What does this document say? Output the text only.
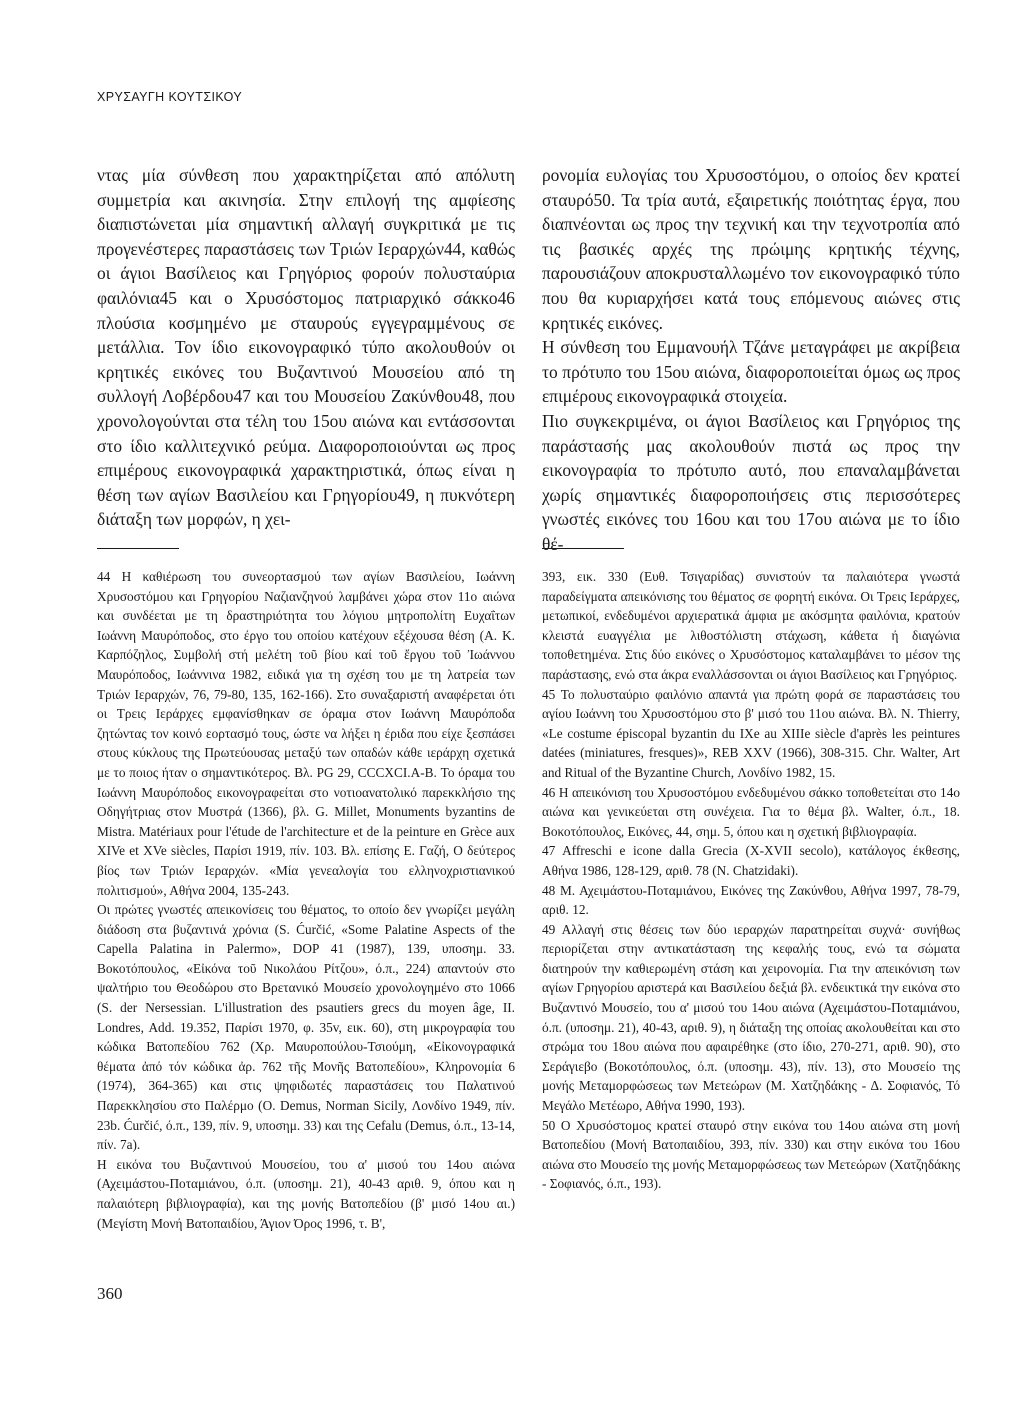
ΧΡΥΣΑΥΓΗ ΚΟΥΤΣΙΚΟΥ

ντας μία σύνθεση που χαρακτηρίζεται από απόλυτη συμμετρία και ακινησία. Στην επιλογή της αμφίεσης διαπιστώνεται μία σημαντική αλλαγή συγκριτικά με τις προγενέστερες παραστάσεις των Τριών Ιεραρχών44, καθώς οι άγιοι Βασίλειος και Γρηγόριος φορούν πολυσταύρια φαιλόνια45 και ο Χρυσόστομος πατριαρχικό σάκκο46 πλούσια κοσμημένο με σταυρούς εγγεγραμμένους σε μετάλλια. Τον ίδιο εικονογραφικό τύπο ακολουθούν οι κρητικές εικόνες του Βυζαντινού Μουσείου από τη συλλογή Λοβέρδου47 και του Μουσείου Ζακύνθου48, που χρονολογούνται στα τέλη του 15ου αιώνα και εντάσσονται στο ίδιο καλλιτεχνικό ρεύμα. Διαφοροποιούνται ως προς επιμέρους εικονογραφικά χαρακτηριστικά, όπως είναι η θέση των αγίων Βασιλείου και Γρηγορίου49, η πυκνότερη διάταξη των μορφών, η χει-

ρονομία ευλογίας του Χρυσοστόμου, ο οποίος δεν κρατεί σταυρό50. Τα τρία αυτά, εξαιρετικής ποιότητας έργα, που διαπνέονται ως προς την τεχνική και την τεχνοτροπία από τις βασικές αρχές της πρώιμης κρητικής τέχνης, παρουσιάζουν αποκρυσταλλωμένο τον εικονογραφικό τύπο που θα κυριαρχήσει κατά τους επόμενους αιώνες στις κρητικές εικόνες.

Η σύνθεση του Εμμανουήλ Τζάνε μεταγράφει με ακρίβεια το πρότυπο του 15ου αιώνα, διαφοροποιείται όμως ως προς επιμέρους εικονογραφικά στοιχεία.

Πιο συγκεκριμένα, οι άγιοι Βασίλειος και Γρηγόριος της παράστασής μας ακολουθούν πιστά ως προς την εικονογραφία το πρότυπο αυτό, που επαναλαμβάνεται χωρίς σημαντικές διαφοροποιήσεις στις περισσότερες γνωστές εικόνες του 16ου και του 17ου αιώνα με το ίδιο θέ-

44 Η καθιέρωση του συνεορτασμού των αγίων Βασιλείου, Ιωάννη Χρυσοστόμου και Γρηγορίου Ναζιανζηνού λαμβάνει χώρα στον 11ο αιώνα και συνδέεται με τη δραστηριότητα του λόγιου μητροπολίτη Ευχαΐτων Ιωάννη Μαυρόποδος, στο έργο του οποίου κατέχουν εξέχουσα θέση (Α. Κ. Καρπόζηλος, Συμβολή στή μελέτη τοῦ βίου καί τοῦ ἔργου τοῦ Ἰωάννου Μαυρόποδος, Ιωάννινα 1982, ειδικά για τη σχέση του με τη λατρεία των Τριών Ιεραρχών, 76, 79-80, 135, 162-166). Στο συναξαριστή αναφέρεται ότι οι Τρεις Ιεράρχες εμφανίσθηκαν σε όραμα στον Ιωάννη Μαυρόποδα ζητώντας τον κοινό εορτασμό τους, ώστε να λήξει η έριδα που είχε ξεσπάσει στους κύκλους της Πρωτεύουσας μεταξύ των οπαδών κάθε ιεράρχη σχετικά με το ποιος ήταν ο σημαντικότερος. Βλ. PG 29, CCCXCI.A-B. Το όραμα του Ιωάννη Μαυρόποδος εικονογραφείται στο νοτιοανατολικό παρεκκλήσιο της Οδηγήτριας στον Μυστρά (1366), βλ. G. Millet, Monuments byzantins de Mistra. Matériaux pour l'étude de l'architecture et de la peinture en Grèce aux XIVe et XVe siècles, Παρίσι 1919, πίν. 103. Βλ. επίσης Ε. Γαζή, Ο δεύτερος βίος των Τριών Ιεραρχών. «Μία γενεαλογία του ελληνοχριστιανικού πολιτισμού», Αθήνα 2004, 135-243.

Οι πρώτες γνωστές απεικονίσεις του θέματος, το οποίο δεν γνωρίζει μεγάλη διάδοση στα βυζαντινά χρόνια (S. Ćurčić, «Some Palatine Aspects of the Capella Palatina in Palermo», DOP 41 (1987), 139, υποσημ. 33. Βοκοτόπουλος, «Εἰκόνα τοῦ Νικολάου Ρίτζου», ό.π., 224) απαντούν στο ψαλτήριο του Θεοδώρου στο Βρετανικό Μουσείο χρονολογημένο στο 1066 (S. der Nersessian. L'illustration des psautiers grecs du moyen âge, II. Londres, Add. 19.352, Παρίσι 1970, φ. 35v, εικ. 60), στη μικρογραφία του κώδικα Βατοπεδίου 762 (Χρ. Μαυροπούλου-Τσιούμη, «Εἰκονογραφικά θέματα ἀπό τόν κώδικα ἀρ. 762 τῆς Μονῆς Βατοπεδίου», Κληρονομία 6 (1974), 364-365) και στις ψηφιδωτές παραστάσεις του Παλατινού Παρεκκλησίου στο Παλέρμο (O. Demus, Norman Sicily, Λονδίνο 1949, πίν. 23b. Ćurčić, ό.π., 139, πίν. 9, υποσημ. 33) και της Cefalu (Demus, ό.π., 13-14, πίν. 7a).

Η εικόνα του Βυζαντινού Μουσείου, του α' μισού του 14ου αιώνα (Αχειμάστου-Ποταμιάνου, ό.π. (υποσημ. 21), 40-43 αριθ. 9, όπου και η παλαιότερη βιβλιογραφία), και της μονής Βατοπεδίου (β' μισό 14ου αι.) (Μεγίστη Μονή Βατοπαιδίου, Άγιον Όρος 1996, τ. Β',

393, εικ. 330 (Ευθ. Τσιγαρίδας) συνιστούν τα παλαιότερα γνωστά παραδείγματα απεικόνισης του θέματος σε φορητή εικόνα. Οι Τρεις Ιεράρχες, μετωπικοί, ενδεδυμένοι αρχιερατικά άμφια με ακόσμητα φαιλόνια, κρατούν κλειστά ευαγγέλια με λιθοστόλιστη στάχωση, κάθετα ή διαγώνια τοποθετημένα. Στις δύο εικόνες ο Χρυσόστομος καταλαμβάνει το μέσον της παράστασης, ενώ στα άκρα εναλλάσσονται οι άγιοι Βασίλειος και Γρηγόριος.

45 Το πολυσταύριο φαιλόνιο απαντά για πρώτη φορά σε παραστάσεις του αγίου Ιωάννη του Χρυσοστόμου στο β' μισό του 11ου αιώνα. Βλ. N. Thierry, «Le costume épiscopal byzantin du IXe au XIIIe siècle d'après les peintures datées (miniatures, fresques)», REB XXV (1966), 308-315. Chr. Walter, Art and Ritual of the Byzantine Church, Λονδίνο 1982, 15.

46 Η απεικόνιση του Χρυσοστόμου ενδεδυμένου σάκκο τοποθετείται στο 14ο αιώνα και γενικεύεται στη συνέχεια. Για το θέμα βλ. Walter, ό.π., 18. Βοκοτόπουλος, Εικόνες, 44, σημ. 5, όπου και η σχετική βιβλιογραφία.

47 Affreschi e icone dalla Grecia (X-XVII secolo), κατάλογος έκθεσης, Αθήνα 1986, 128-129, αριθ. 78 (Ν. Chatzidaki).

48 Μ. Αχειμάστου-Ποταμιάνου, Εικόνες της Ζακύνθου, Αθήνα 1997, 78-79, αριθ. 12.

49 Αλλαγή στις θέσεις των δύο ιεραρχών παρατηρείται συχνά· συνήθως περιορίζεται στην αντικατάσταση της κεφαλής τους, ενώ τα σώματα διατηρούν την καθιερωμένη στάση και χειρονομία. Για την απεικόνιση των αγίων Γρηγορίου αριστερά και Βασιλείου δεξιά βλ. ενδεικτικά την εικόνα στο Βυζαντινό Μουσείο, του α' μισού του 14ου αιώνα (Αχειμάστου-Ποταμιάνου, ό.π. (υποσημ. 21), 40-43, αριθ. 9), η διάταξη της οποίας ακολουθείται και στο στρώμα του 18ου αιώνα που αφαιρέθηκε (στο ίδιο, 270-271, αριθ. 90), στο Σεράγιεβο (Βοκοτόπουλος, ό.π. (υποσημ. 43), πίν. 13), στο Μουσείο της μονής Μεταμορφώσεως των Μετεώρων (Μ. Χατζηδάκης - Δ. Σοφιανός, Τό Μεγάλο Μετέωρο, Αθήνα 1990, 193).

50 Ο Χρυσόστομος κρατεί σταυρό στην εικόνα του 14ου αιώνα στη μονή Βατοπεδίου (Μονή Βατοπαιδίου, 393, πίν. 330) και στην εικόνα του 16ου αιώνα στο Μουσείο της μονής Μεταμορφώσεως των Μετεώρων (Χατζηδάκης - Σοφιανός, ό.π., 193).

360
